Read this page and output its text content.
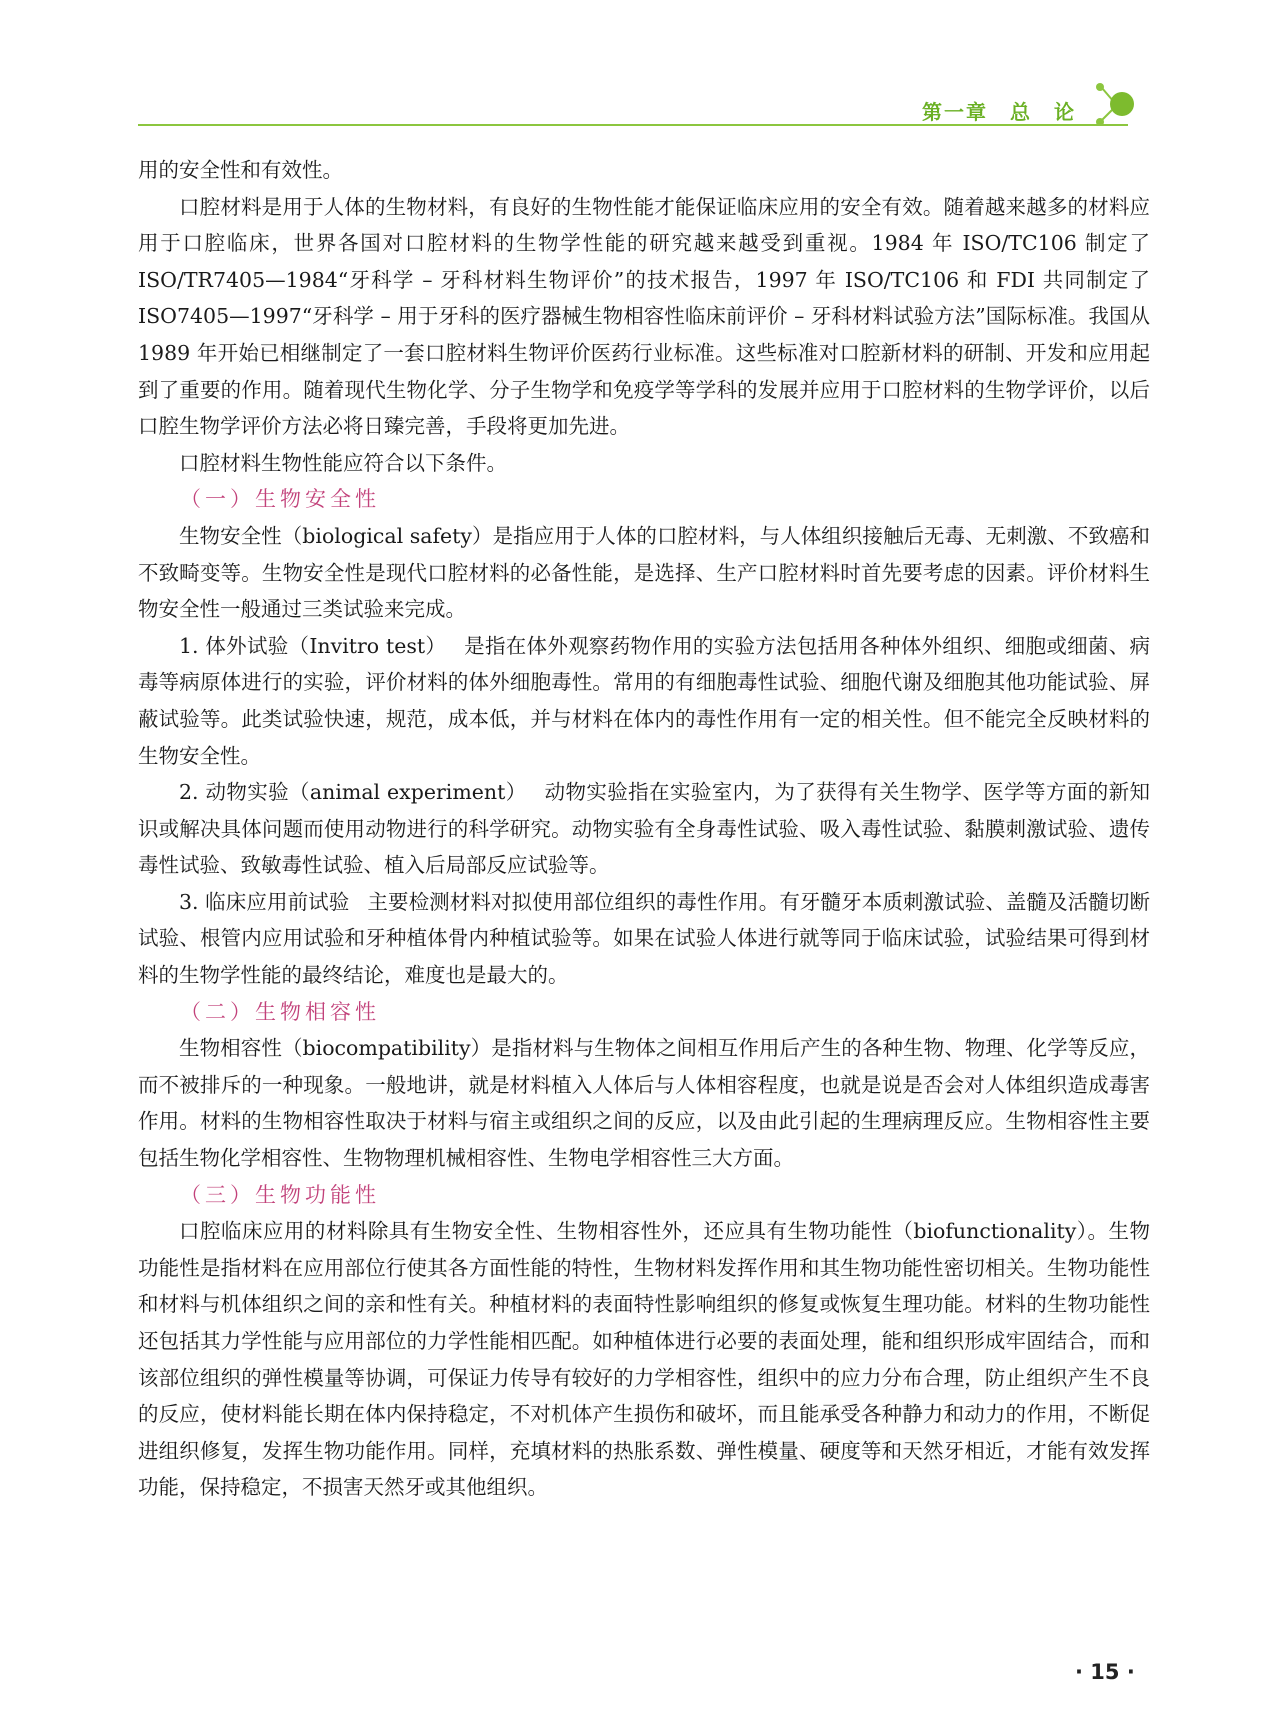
第一章　总　论

用的安全性和有效性。

口腔材料是用于人体的生物材料，有良好的生物性能才能保证临床应用的安全有效。随着越来越多的材料应用于口腔临床，世界各国对口腔材料的生物学性能的研究越来越受到重视。1984 年 ISO/TC106 制定了 ISO/TR7405—1984“牙科学 – 牙科材料生物评价”的技术报告，1997 年 ISO/TC106 和 FDI 共同制定了 ISO7405—1997“牙科学 – 用于牙科的医疗器械生物相容性临床前评价 – 牙科材料试验方法”国际标准。我国从 1989 年开始已相继制定了一套口腔材料生物评价医药行业标准。这些标准对口腔新材料的研制、开发和应用起到了重要的作用。随着现代生物化学、分子生物学和免疫学等学科的发展并应用于口腔材料的生物学评价，以后口腔生物学评价方法必将日臻完善，手段将更加先进。

口腔材料生物性能应符合以下条件。

（一）生物安全性

生物安全性（biological safety）是指应用于人体的口腔材料，与人体组织接触后无毒、无刺激、不致癌和不致畸变等。生物安全性是现代口腔材料的必备性能，是选择、生产口腔材料时首先要考虑的因素。评价材料生物安全性一般通过三类试验来完成。

1. 体外试验（Invitro test） 是指在体外观察药物作用的实验方法包括用各种体外组织、细胞或细菌、病毒等病原体进行的实验，评价材料的体外细胞毒性。常用的有细胞毒性试验、细胞代谢及细胞其他功能试验、屏蔽试验等。此类试验快速，规范，成本低，并与材料在体内的毒性作用有一定的相关性。但不能完全反映材料的生物安全性。

2. 动物实验（animal experiment） 动物实验指在实验室内，为了获得有关生物学、医学等方面的新知识或解决具体问题而使用动物进行的科学研究。动物实验有全身毒性试验、吸入毒性试验、黏膜刺激试验、遗传毒性试验、致敏毒性试验、植入后局部反应试验等。

3. 临床应用前试验 主要检测材料对拟使用部位组织的毒性作用。有牙髓牙本质刺激试验、盖髓及活髓切断试验、根管内应用试验和牙种植体骨内种植试验等。如果在试验人体进行就等同于临床试验，试验结果可得到材料的生物学性能的最终结论，难度也是最大的。

（二）生物相容性

生物相容性（biocompatibility）是指材料与生物体之间相互作用后产生的各种生物、物理、化学等反应，而不被排斥的一种现象。一般地讲，就是材料植入人体后与人体相容程度，也就是说是否会对人体组织造成毒害作用。材料的生物相容性取决于材料与宿主或组织之间的反应，以及由此引起的生理病理反应。生物相容性主要包括生物化学相容性、生物物理机械相容性、生物电学相容性三大方面。

（三）生物功能性

口腔临床应用的材料除具有生物安全性、生物相容性外，还应具有生物功能性（biofunctionality）。生物功能性是指材料在应用部位行使其各方面性能的特性，生物材料发挥作用和其生物功能性密切相关。生物功能性和材料与机体组织之间的亲和性有关。种植材料的表面特性影响组织的修复或恢复生理功能。材料的生物功能性还包括其力学性能与应用部位的力学性能相匹配。如种植体进行必要的表面处理，能和组织形成牢固结合，而和该部位组织的弹性模量等协调，可保证力传导有较好的力学相容性，组织中的应力分布合理，防止组织产生不良的反应，使材料能长期在体内保持稳定，不对机体产生损伤和破坏，而且能承受各种静力和动力的作用，不断促进组织修复，发挥生物功能作用。同样，充填材料的热胀系数、弹性模量、硬度等和天然牙相近，才能有效发挥功能，保持稳定，不损害天然牙或其他组织。

· 15 ·
